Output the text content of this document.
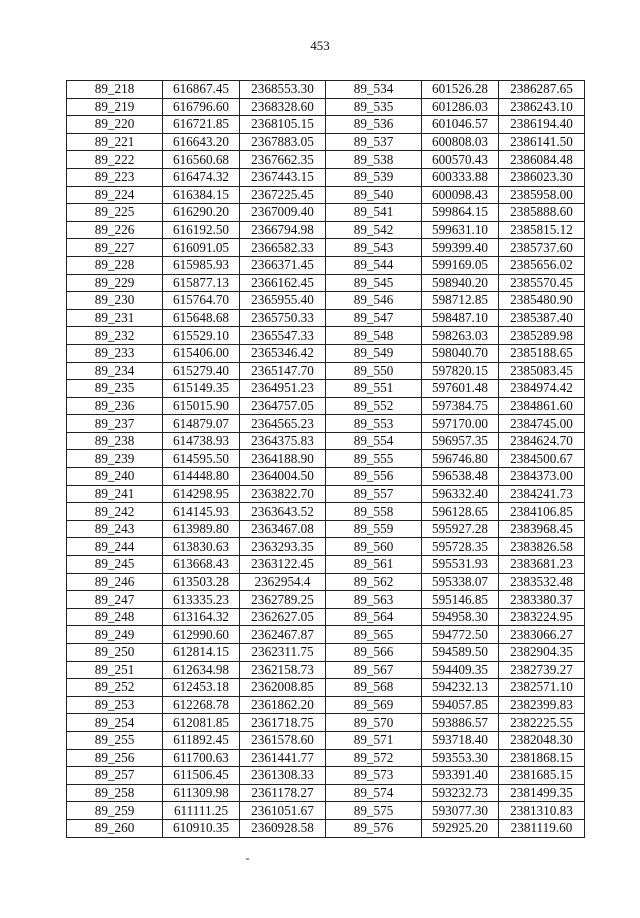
453
89_218	616867.45	2368553.30	89_534	601526.28	2386287.65
89_219	616796.60	2368328.60	89_535	601286.03	2386243.10
89_220	616721.85	2368105.15	89_536	601046.57	2386194.40
89_221	616643.20	2367883.05	89_537	600808.03	2386141.50
89_222	616560.68	2367662.35	89_538	600570.43	2386084.48
89_223	616474.32	2367443.15	89_539	600333.88	2386023.30
89_224	616384.15	2367225.45	89_540	600098.43	2385958.00
89_225	616290.20	2367009.40	89_541	599864.15	2385888.60
89_226	616192.50	2366794.98	89_542	599631.10	2385815.12
89_227	616091.05	2366582.33	89_543	599399.40	2385737.60
89_228	615985.93	2366371.45	89_544	599169.05	2385656.02
89_229	615877.13	2366162.45	89_545	598940.20	2385570.45
89_230	615764.70	2365955.40	89_546	598712.85	2385480.90
89_231	615648.68	2365750.33	89_547	598487.10	2385387.40
89_232	615529.10	2365547.33	89_548	598263.03	2385289.98
89_233	615406.00	2365346.42	89_549	598040.70	2385188.65
89_234	615279.40	2365147.70	89_550	597820.15	2385083.45
89_235	615149.35	2364951.23	89_551	597601.48	2384974.42
89_236	615015.90	2364757.05	89_552	597384.75	2384861.60
89_237	614879.07	2364565.23	89_553	597170.00	2384745.00
89_238	614738.93	2364375.83	89_554	596957.35	2384624.70
89_239	614595.50	2364188.90	89_555	596746.80	2384500.67
89_240	614448.80	2364004.50	89_556	596538.48	2384373.00
89_241	614298.95	2363822.70	89_557	596332.40	2384241.73
89_242	614145.93	2363643.52	89_558	596128.65	2384106.85
89_243	613989.80	2363467.08	89_559	595927.28	2383968.45
89_244	613830.63	2363293.35	89_560	595728.35	2383826.58
89_245	613668.43	2363122.45	89_561	595531.93	2383681.23
89_246	613503.28	2362954.4	89_562	595338.07	2383532.48
89_247	613335.23	2362789.25	89_563	595146.85	2383380.37
89_248	613164.32	2362627.05	89_564	594958.30	2383224.95
89_249	612990.60	2362467.87	89_565	594772.50	2383066.27
89_250	612814.15	2362311.75	89_566	594589.50	2382904.35
89_251	612634.98	2362158.73	89_567	594409.35	2382739.27
89_252	612453.18	2362008.85	89_568	594232.13	2382571.10
89_253	612268.78	2361862.20	89_569	594057.85	2382399.83
89_254	612081.85	2361718.75	89_570	593886.57	2382225.55
89_255	611892.45	2361578.60	89_571	593718.40	2382048.30
89_256	611700.63	2361441.77	89_572	593553.30	2381868.15
89_257	611506.45	2361308.33	89_573	593391.40	2381685.15
89_258	611309.98	2361178.27	89_574	593232.73	2381499.35
89_259	611111.25	2361051.67	89_575	593077.30	2381310.83
89_260	610910.35	2360928.58	89_576	592925.20	2381119.60
